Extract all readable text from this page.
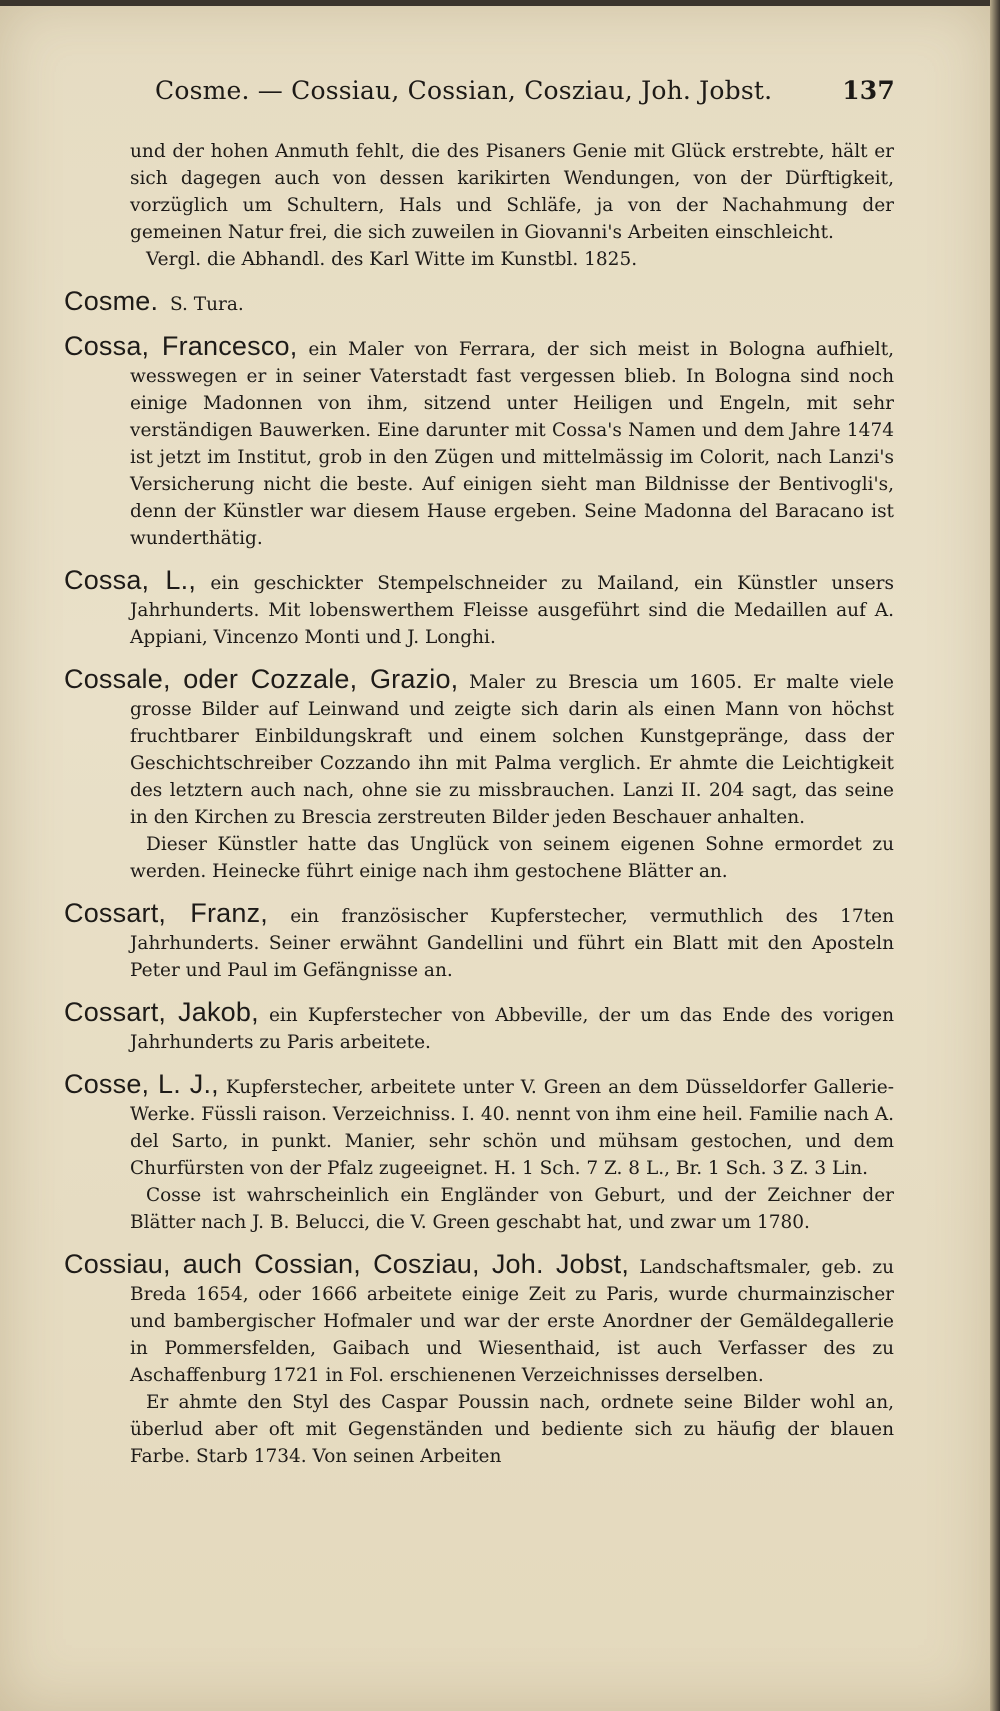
Cosme. — Cossiau, Cossian, Cosziau, Joh. Jobst.	137

und der hohen Anmuth fehlt, die des Pisaners Genie mit Glück erstrebte, hält er sich dagegen auch von dessen karikirten Wendungen, von der Dürftigkeit, vorzüglich um Schultern, Hals und Schläfe, ja von der Nachahmung der gemeinen Natur frei, die sich zuweilen in Giovanni's Arbeiten einschleicht.

Vergl. die Abhandl. des Karl Witte im Kunstbl. 1825.

Cosme. S. Tura.

Cossa, Francesco, ein Maler von Ferrara, der sich meist in Bologna aufhielt, wesswegen er in seiner Vaterstadt fast vergessen blieb. In Bologna sind noch einige Madonnen von ihm, sitzend unter Heiligen und Engeln, mit sehr verständigen Bauwerken. Eine darunter mit Cossa's Namen und dem Jahre 1474 ist jetzt im Institut, grob in den Zügen und mittelmässig im Colorit, nach Lanzi's Versicherung nicht die beste. Auf einigen sieht man Bildnisse der Bentivogli's, denn der Künstler war diesem Hause ergeben. Seine Madonna del Baracano ist wunderthätig.

Cossa, L., ein geschickter Stempelschneider zu Mailand, ein Künstler unsers Jahrhunderts. Mit lobenswerthem Fleisse ausgeführt sind die Medaillen auf A. Appiani, Vincenzo Monti und J. Longhi.

Cossale, oder Cozzale, Grazio, Maler zu Brescia um 1605. Er malte viele grosse Bilder auf Leinwand und zeigte sich darin als einen Mann von höchst fruchtbarer Einbildungskraft und einem solchen Kunstgepränge, dass der Geschichtschreiber Cozzando ihn mit Palma verglich. Er ahmte die Leichtigkeit des letztern auch nach, ohne sie zu missbrauchen. Lanzi II. 204 sagt, das seine in den Kirchen zu Brescia zerstreuten Bilder jeden Beschauer anhalten.

Dieser Künstler hatte das Unglück von seinem eigenen Sohne ermordet zu werden. Heinecke führt einige nach ihm gestochene Blätter an.

Cossart, Franz, ein französischer Kupferstecher, vermuthlich des 17ten Jahrhunderts. Seiner erwähnt Gandellini und führt ein Blatt mit den Aposteln Peter und Paul im Gefängnisse an.

Cossart, Jakob, ein Kupferstecher von Abbeville, der um das Ende des vorigen Jahrhunderts zu Paris arbeitete.

Cosse, L. J., Kupferstecher, arbeitete unter V. Green an dem Düsseldorfer Gallerie-Werke. Füssli raison. Verzeichniss. I. 40. nennt von ihm eine heil. Familie nach A. del Sarto, in punkt. Manier, sehr schön und mühsam gestochen, und dem Churfürsten von der Pfalz zugeeignet. H. 1 Sch. 7 Z. 8 L., Br. 1 Sch. 3 Z. 3 Lin.

Cosse ist wahrscheinlich ein Engländer von Geburt, und der Zeichner der Blätter nach J. B. Belucci, die V. Green geschabt hat, und zwar um 1780.

Cossiau, auch Cossian, Cosziau, Joh. Jobst, Landschaftsmaler, geb. zu Breda 1654, oder 1666 arbeitete einige Zeit zu Paris, wurde churmainzischer und bambergischer Hofmaler und war der erste Anordner der Gemäldegallerie in Pommersfelden, Gaibach und Wiesenthaid, ist auch Verfasser des zu Aschaffenburg 1721 in Fol. erschienenen Verzeichnisses derselben.

Er ahmte den Styl des Caspar Poussin nach, ordnete seine Bilder wohl an, überlud aber oft mit Gegenständen und bediente sich zu häufig der blauen Farbe. Starb 1734. Von seinen Arbeiten
